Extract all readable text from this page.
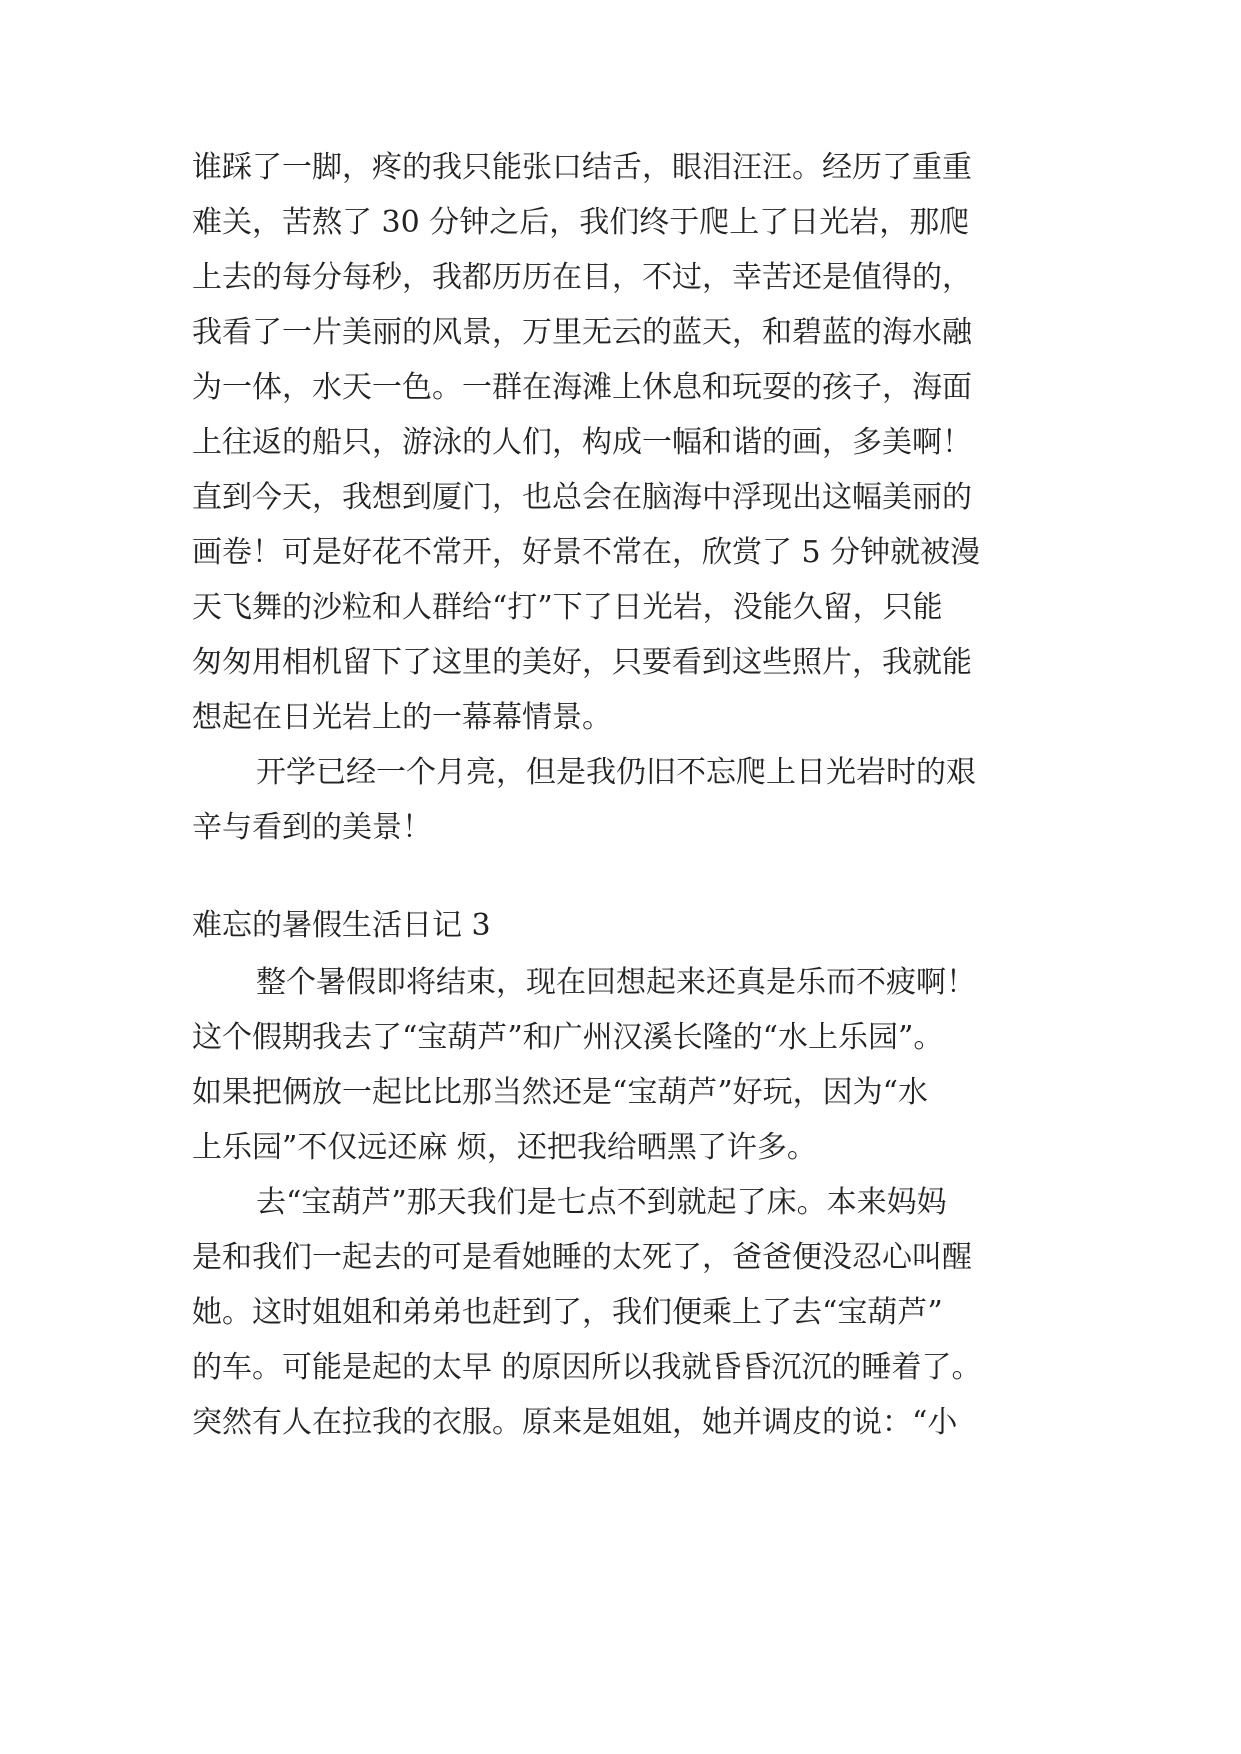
谁踩了一脚，疼的我只能张口结舌，眼泪汪汪。经历了重重
难关，苦熬了 30 分钟之后，我们终于爬上了日光岩，那爬
上去的每分每秒，我都历历在目，不过，幸苦还是值得的，
我看了一片美丽的风景，万里无云的蓝天，和碧蓝的海水融
为一体，水天一色。一群在海滩上休息和玩耍的孩子，海面
上往返的船只，游泳的人们，构成一幅和谐的画，多美啊！
直到今天，我想到厦门，也总会在脑海中浮现出这幅美丽的
画卷！可是好花不常开，好景不常在，欣赏了 5 分钟就被漫
天飞舞的沙粒和人群给“打”下了日光岩，没能久留，只能
匆匆用相机留下了这里的美好，只要看到这些照片，我就能
想起在日光岩上的一幕幕情景。
开学已经一个月亮，但是我仍旧不忘爬上日光岩时的艰
辛与看到的美景！
难忘的暑假生活日记 3
整个暑假即将结束，现在回想起来还真是乐而不疲啊！
这个假期我去了“宝葫芦”和广州汉溪长隆的“水上乐园”。
如果把俩放一起比比那当然还是“宝葫芦”好玩，因为“水
上乐园”不仅远还麻 烦，还把我给晒黑了许多。
去“宝葫芦”那天我们是七点不到就起了床。本来妈妈
是和我们一起去的可是看她睡的太死了，爸爸便没忍心叫醒
她。这时姐姐和弟弟也赶到了，我们便乘上了去“宝葫芦”
的车。可能是起的太早 的原因所以我就昏昏沉沉的睡着了。
突然有人在拉我的衣服。原来是姐姐，她并调皮的说：“小
